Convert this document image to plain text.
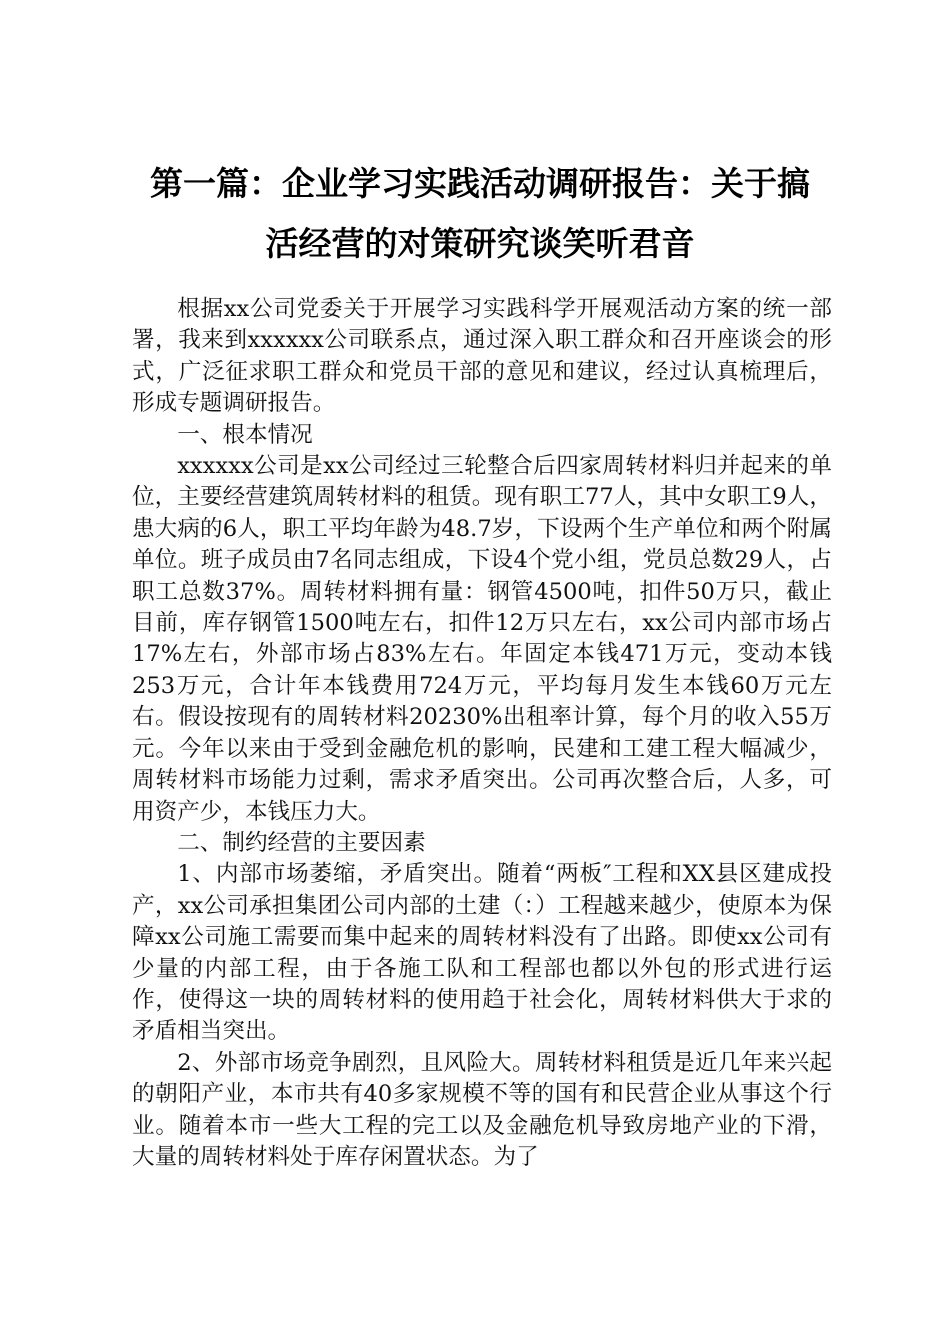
第一篇：企业学习实践活动调研报告：关于搞
活经营的对策研究谈笑听君音

根据xx公司党委关于开展学习实践科学开展观活动方案的统一部署，我来到xxxxxx公司联系点，通过深入职工群众和召开座谈会的形式，广泛征求职工群众和党员干部的意见和建议，经过认真梳理后，形成专题调研报告。

一、根本情况

xxxxxx公司是xx公司经过三轮整合后四家周转材料归并起来的单位，主要经营建筑周转材料的租赁。现有职工77人，其中女职工9人，患大病的6人，职工平均年龄为48.7岁，下设两个生产单位和两个附属单位。班子成员由7名同志组成，下设4个党小组，党员总数29人，占职工总数37%。周转材料拥有量：钢管4500吨，扣件50万只，截止目前，库存钢管1500吨左右，扣件12万只左右，xx公司内部市场占17%左右，外部市场占83%左右。年固定本钱471万元，变动本钱253万元，合计年本钱费用724万元，平均每月发生本钱60万元左右。假设按现有的周转材料20230%出租率计算，每个月的收入55万元。今年以来由于受到金融危机的影响，民建和工建工程大幅减少，周转材料市场能力过剩，需求矛盾突出。公司再次整合后，人多，可用资产少，本钱压力大。

二、制约经营的主要因素

1、内部市场萎缩，矛盾突出。随着“两板″工程和XX县区建成投产，xx公司承担集团公司内部的土建（：）工程越来越少，使原本为保障xx公司施工需要而集中起来的周转材料没有了出路。即使xx公司有少量的内部工程，由于各施工队和工程部也都以外包的形式进行运作，使得这一块的周转材料的使用趋于社会化，周转材料供大于求的矛盾相当突出。

2、外部市场竞争剧烈，且风险大。周转材料租赁是近几年来兴起的朝阳产业，本市共有40多家规模不等的国有和民营企业从事这个行业。随着本市一些大工程的完工以及金融危机导致房地产业的下滑，大量的周转材料处于库存闲置状态。为了
